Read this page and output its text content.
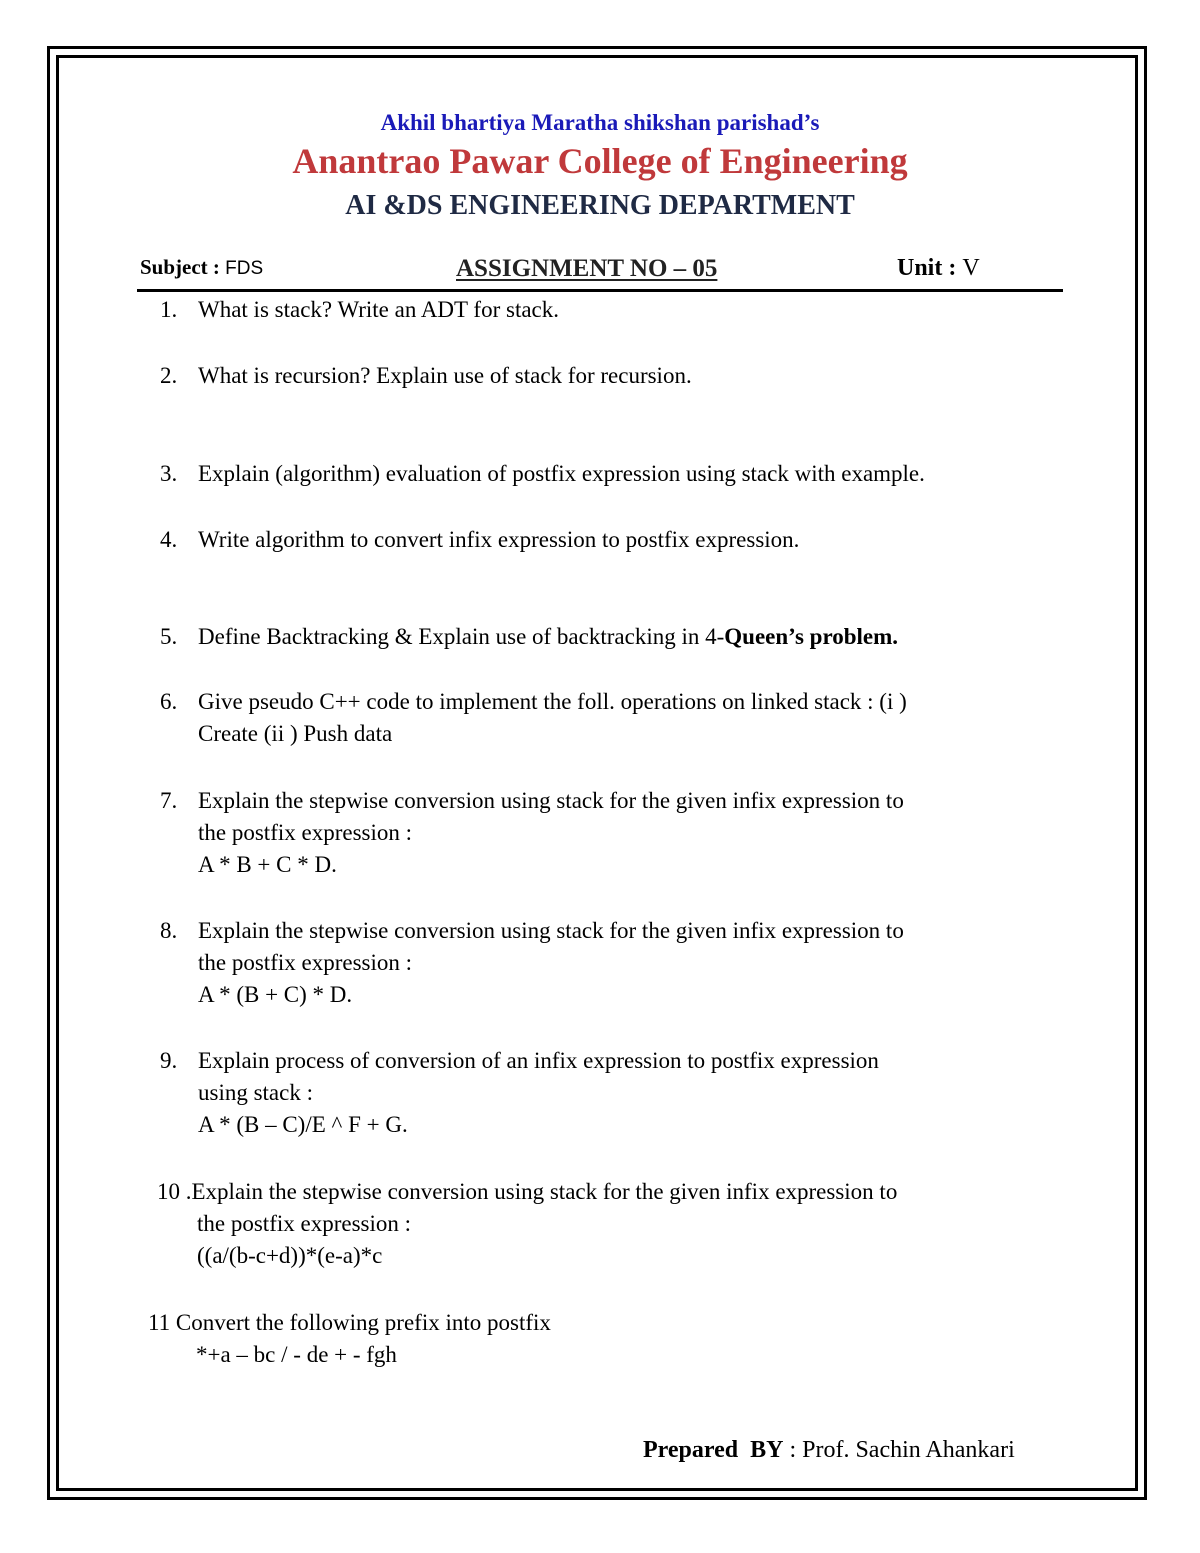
Akhil bhartiya Maratha shikshan parishad’s
Anantrao Pawar College of Engineering
AI &DS ENGINEERING DEPARTMENT
Subject : FDS	ASSIGNMENT NO – 05	Unit : V
1. What is stack? Write an ADT for stack.
2. What is recursion? Explain use of stack for recursion.
3. Explain (algorithm) evaluation of postfix expression using stack with example.
4. Write algorithm to convert infix expression to postfix expression.
5. Define Backtracking & Explain use of backtracking in 4-Queen’s problem.
6. Give pseudo C++ code to implement the foll. operations on linked stack : (i )
Create (ii ) Push data
7. Explain the stepwise conversion using stack for the given infix expression to
the postfix expression :
A * B + C * D.
8. Explain the stepwise conversion using stack for the given infix expression to
the postfix expression :
A * (B + C) * D.
9. Explain process of conversion of an infix expression to postfix expression
using stack :
A * (B – C)/E ^ F + G.
10 .Explain the stepwise conversion using stack for the given infix expression to
the postfix expression :
((a/(b-c+d))*(e-a)*c
11 Convert the following prefix into postfix
*+a – bc / - de + - fgh
Prepared  BY : Prof. Sachin Ahankari
